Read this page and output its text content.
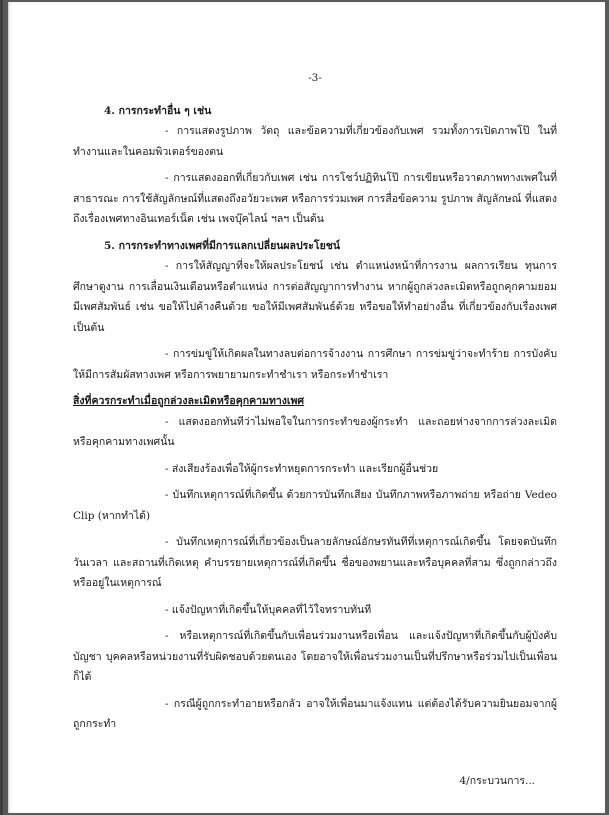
-3-

4. การกระทำอื่น ๆ เช่น

- การแสดงรูปภาพ วัตถุ และข้อความที่เกี่ยวข้องกับเพศ รวมทั้งการเปิดภาพโป๊ ในที่ทำงานและในคอมพิวเตอร์ของตน

- การแสดงออกที่เกี่ยวกับเพศ เช่น การโชว์ปฏิทินโป๊ การเขียนหรือวาดภาพทางเพศในที่สาธารณะ การใช้สัญลักษณ์ที่แสดงถึงอวัยวะเพศ หรือการร่วมเพศ การสื่อข้อความ รูปภาพ สัญลักษณ์ ที่แสดงถึงเรื่องเพศทางอินเทอร์เน็ต เช่น เพจบุ๊คไลน์ ฯลฯ เป็นต้น

5. การกระทำทางเพศที่มีการแลกเปลี่ยนผลประโยชน์

- การให้สัญญาที่จะให้ผลประโยชน์ เช่น ตำแหน่งหน้าที่การงาน ผลการเรียน ทุนการศึกษาดูงาน การเลื่อนเงินเดือนหรือตำแหน่ง การต่อสัญญาการทำงาน หากผู้ถูกล่วงละเมิดหรือถูกคุกคามยอมมีเพศสัมพันธ์ เช่น ขอให้ไปค้างคืนด้วย ขอให้มีเพศสัมพันธ์ด้วย หรือขอให้ทำอย่างอื่น ที่เกี่ยวข้องกับเรื่องเพศ เป็นต้น

- การข่มขู่ให้เกิดผลในทางลบต่อการจ้างงาน การศึกษา การข่มขู่ว่าจะทำร้าย การบังคับให้มีการสัมผัสทางเพศ หรือการพยายามกระทำชำเรา หรือกระทำชำเรา

สิ่งที่ควรกระทำเมื่อถูกล่วงละเมิดหรือคุกคามทางเพศ

- แสดงออกทันทีว่าไม่พอใจในการกระทำของผู้กระทำ และถอยห่างจากการล่วงละเมิดหรือคุกคามทางเพศนั้น

- ส่งเสียงร้องเพื่อให้ผู้กระทำหยุดการกระทำ และเรียกผู้อื่นช่วย

- บันทึกเหตุการณ์ที่เกิดขึ้น ด้วยการบันทึกเสียง บันทึกภาพหรือภาพถ่าย หรือถ่าย Vedeo Clip (หากทำได้)

- บันทึกเหตุการณ์ที่เกี่ยวข้องเป็นลายลักษณ์อักษรทันทีที่เหตุการณ์เกิดขึ้น โดยจดบันทึกวันเวลา และสถานที่เกิดเหตุ คำบรรยายเหตุการณ์ที่เกิดขึ้น ชื่อของพยานและหรือบุคคลที่สาม ซึ่งถูกกล่าวถึงหรืออยู่ในเหตุการณ์

- แจ้งปัญหาที่เกิดขึ้นให้บุคคลที่ไว้ใจทราบทันที

- หรือเหตุการณ์ที่เกิดขึ้นกับเพื่อนร่วมงานหรือเพื่อน และแจ้งปัญหาที่เกิดขึ้นกับผู้บังคับบัญชา บุคคลหรือหน่วยงานที่รับผิดชอบด้วยตนเอง โดยอาจให้เพื่อนร่วมงานเป็นที่ปรึกษาหรือร่วมไปเป็นเพื่อนก็ได้

- กรณีผู้ถูกกระทำอายหรือกลัว อาจให้เพื่อนมาแจ้งแทน แต่ต้องได้รับความยินยอมจากผู้ถูกกระทำ

4/กระบวนการ...
